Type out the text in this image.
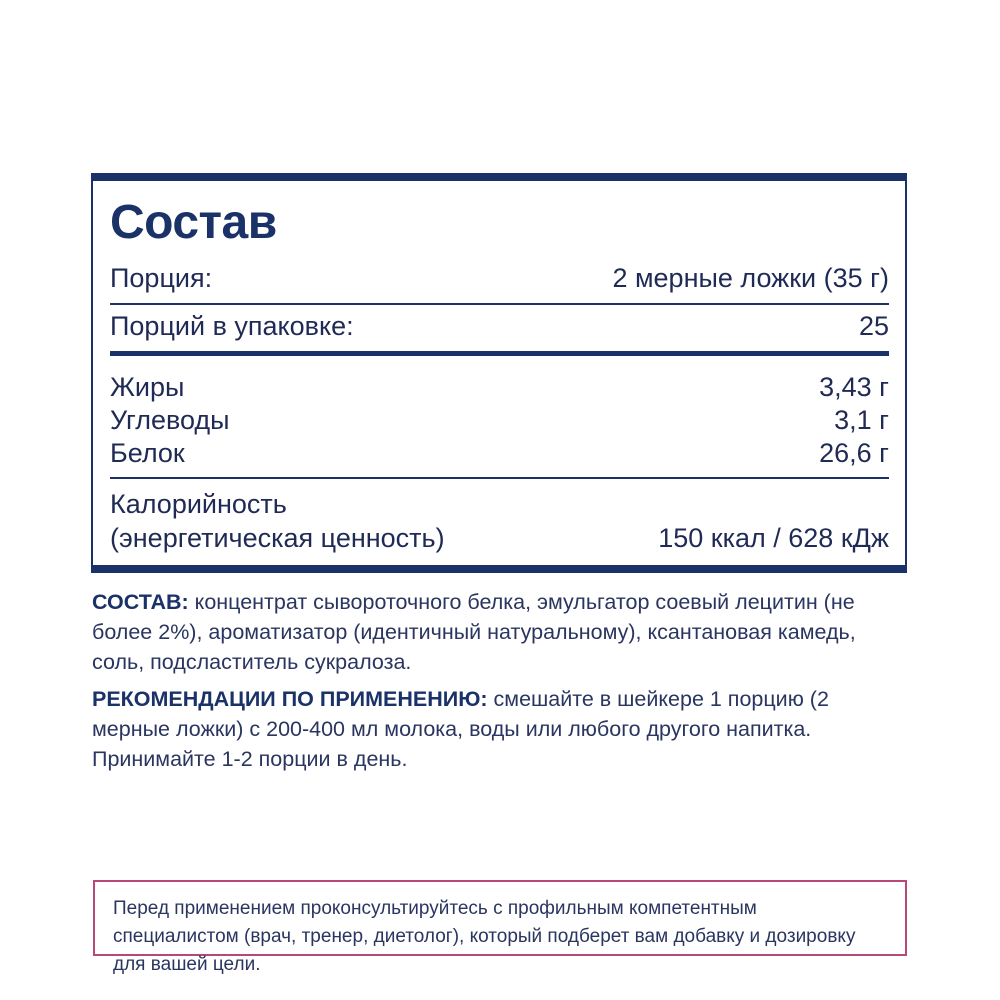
Состав
Порция:	2 мерные ложки (35 г)
Порций в упаковке:	25
Жиры	3,43 г
Углеводы	3,1 г
Белок	26,6 г
Калорийность
(энергетическая ценность)	150 ккал / 628 кДж

СОСТАВ: концентрат сывороточного белка, эмульгатор соевый лецитин (не более 2%), ароматизатор (идентичный натуральному), ксантановая камедь, соль, подсластитель сукралоза.

РЕКОМЕНДАЦИИ ПО ПРИМЕНЕНИЮ: смешайте в шейкере 1 порцию (2 мерные ложки) с 200-400 мл молока, воды или любого другого напитка. Принимайте 1-2 порции в день.

Перед применением проконсультируйтесь с профильным компетентным специалистом (врач, тренер, диетолог), который подберет вам добавку и дозировку для вашей цели.
